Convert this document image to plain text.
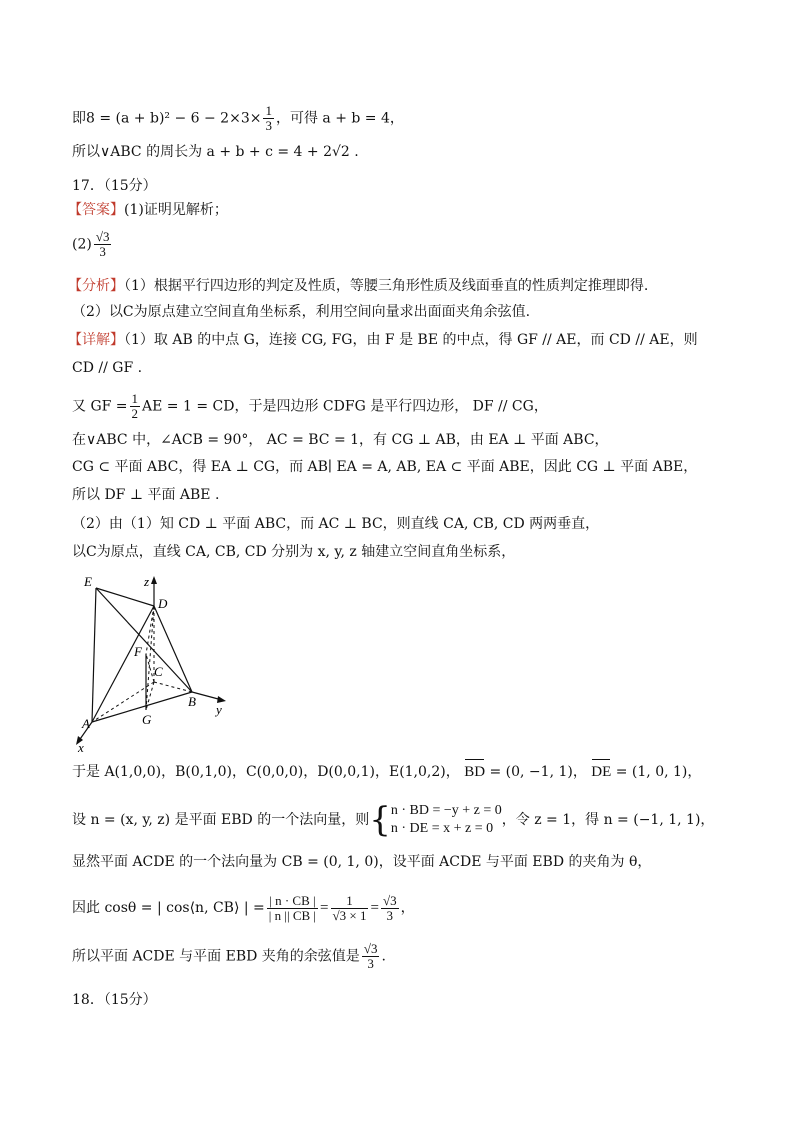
即$8 = (a + b)^2 - 6 - 2\times 3\times \frac{1}{3}$ ，可得 a + b = 4，
所以∨ABC 的周长为 a + b + c = 4 + 2√2 .
17．（15分）
【答案】(1)证明见解析；
$(2) \frac{√3}{3}$
【分析】（1）根据平行四边形的判定及性质，等腰三角形性质及线面垂直的性质判定推理即得.
（2）以C为原点建立空间直角坐标系，利用空间向量求出面面夹角余弦值.
【详解】（1）取 AB 的中点 G，连接 CG, FG，由 F 是 BE 的中点，得 GF // AE，而 CD // AE，则
CD // GF .
又 GF = $\frac{1}{2}$ AE = 1 = CD，于是四边形 CDFG 是平行四边形， DF // CG，
在∨ABC 中，∠ACB = 90°， AC = BC = 1，有 CG ⊥ AB，由 EA ⊥ 平面 ABC，
CG ⊂ 平面 ABC，得 EA ⊥ CG，而 AB∣ EA = A, AB, EA ⊂ 平面 ABE，因此 CG ⊥ 平面 ABE，
所以 DF ⊥ 平面 ABE .
（2）由（1）知 CD ⊥ 平面 ABC，而 AC ⊥ BC，则直线 CA, CB, CD 两两垂直，
以C为原点，直线 CA, CB, CD 分别为 x, y, z 轴建立空间直角坐标系，
E	z
D
F
C
B
y
A	G
x
于是 A(1,0,0)，B(0,1,0)，C(0,0,0)，D(0,0,1)，E(1,0,2)， BD = (0, −1, 1)， DE = (1, 0, 1)，
设 n = (x, y, z) 是平面 EBD 的一个法向量，则{ n · BD = −y + z = 0
n · DE = x + z = 0
，令 z = 1，得 n = (−1, 1, 1)，
显然平面 ACDE 的一个法向量为 CB = (0, 1, 0)，设平面 ACDE 与平面 EBD 的夹角为 θ，
因此 cosθ = | cos⟨n, CB⟩ | = $\frac{| n \cdot CB |}{| n || CB |} = \frac{1}{√3 \times 1} = \frac{√3}{3}$ ，
所以平面 ACDE 与平面 EBD 夹角的余弦值是 $\frac{√3}{3}$ .
18．（15分）
